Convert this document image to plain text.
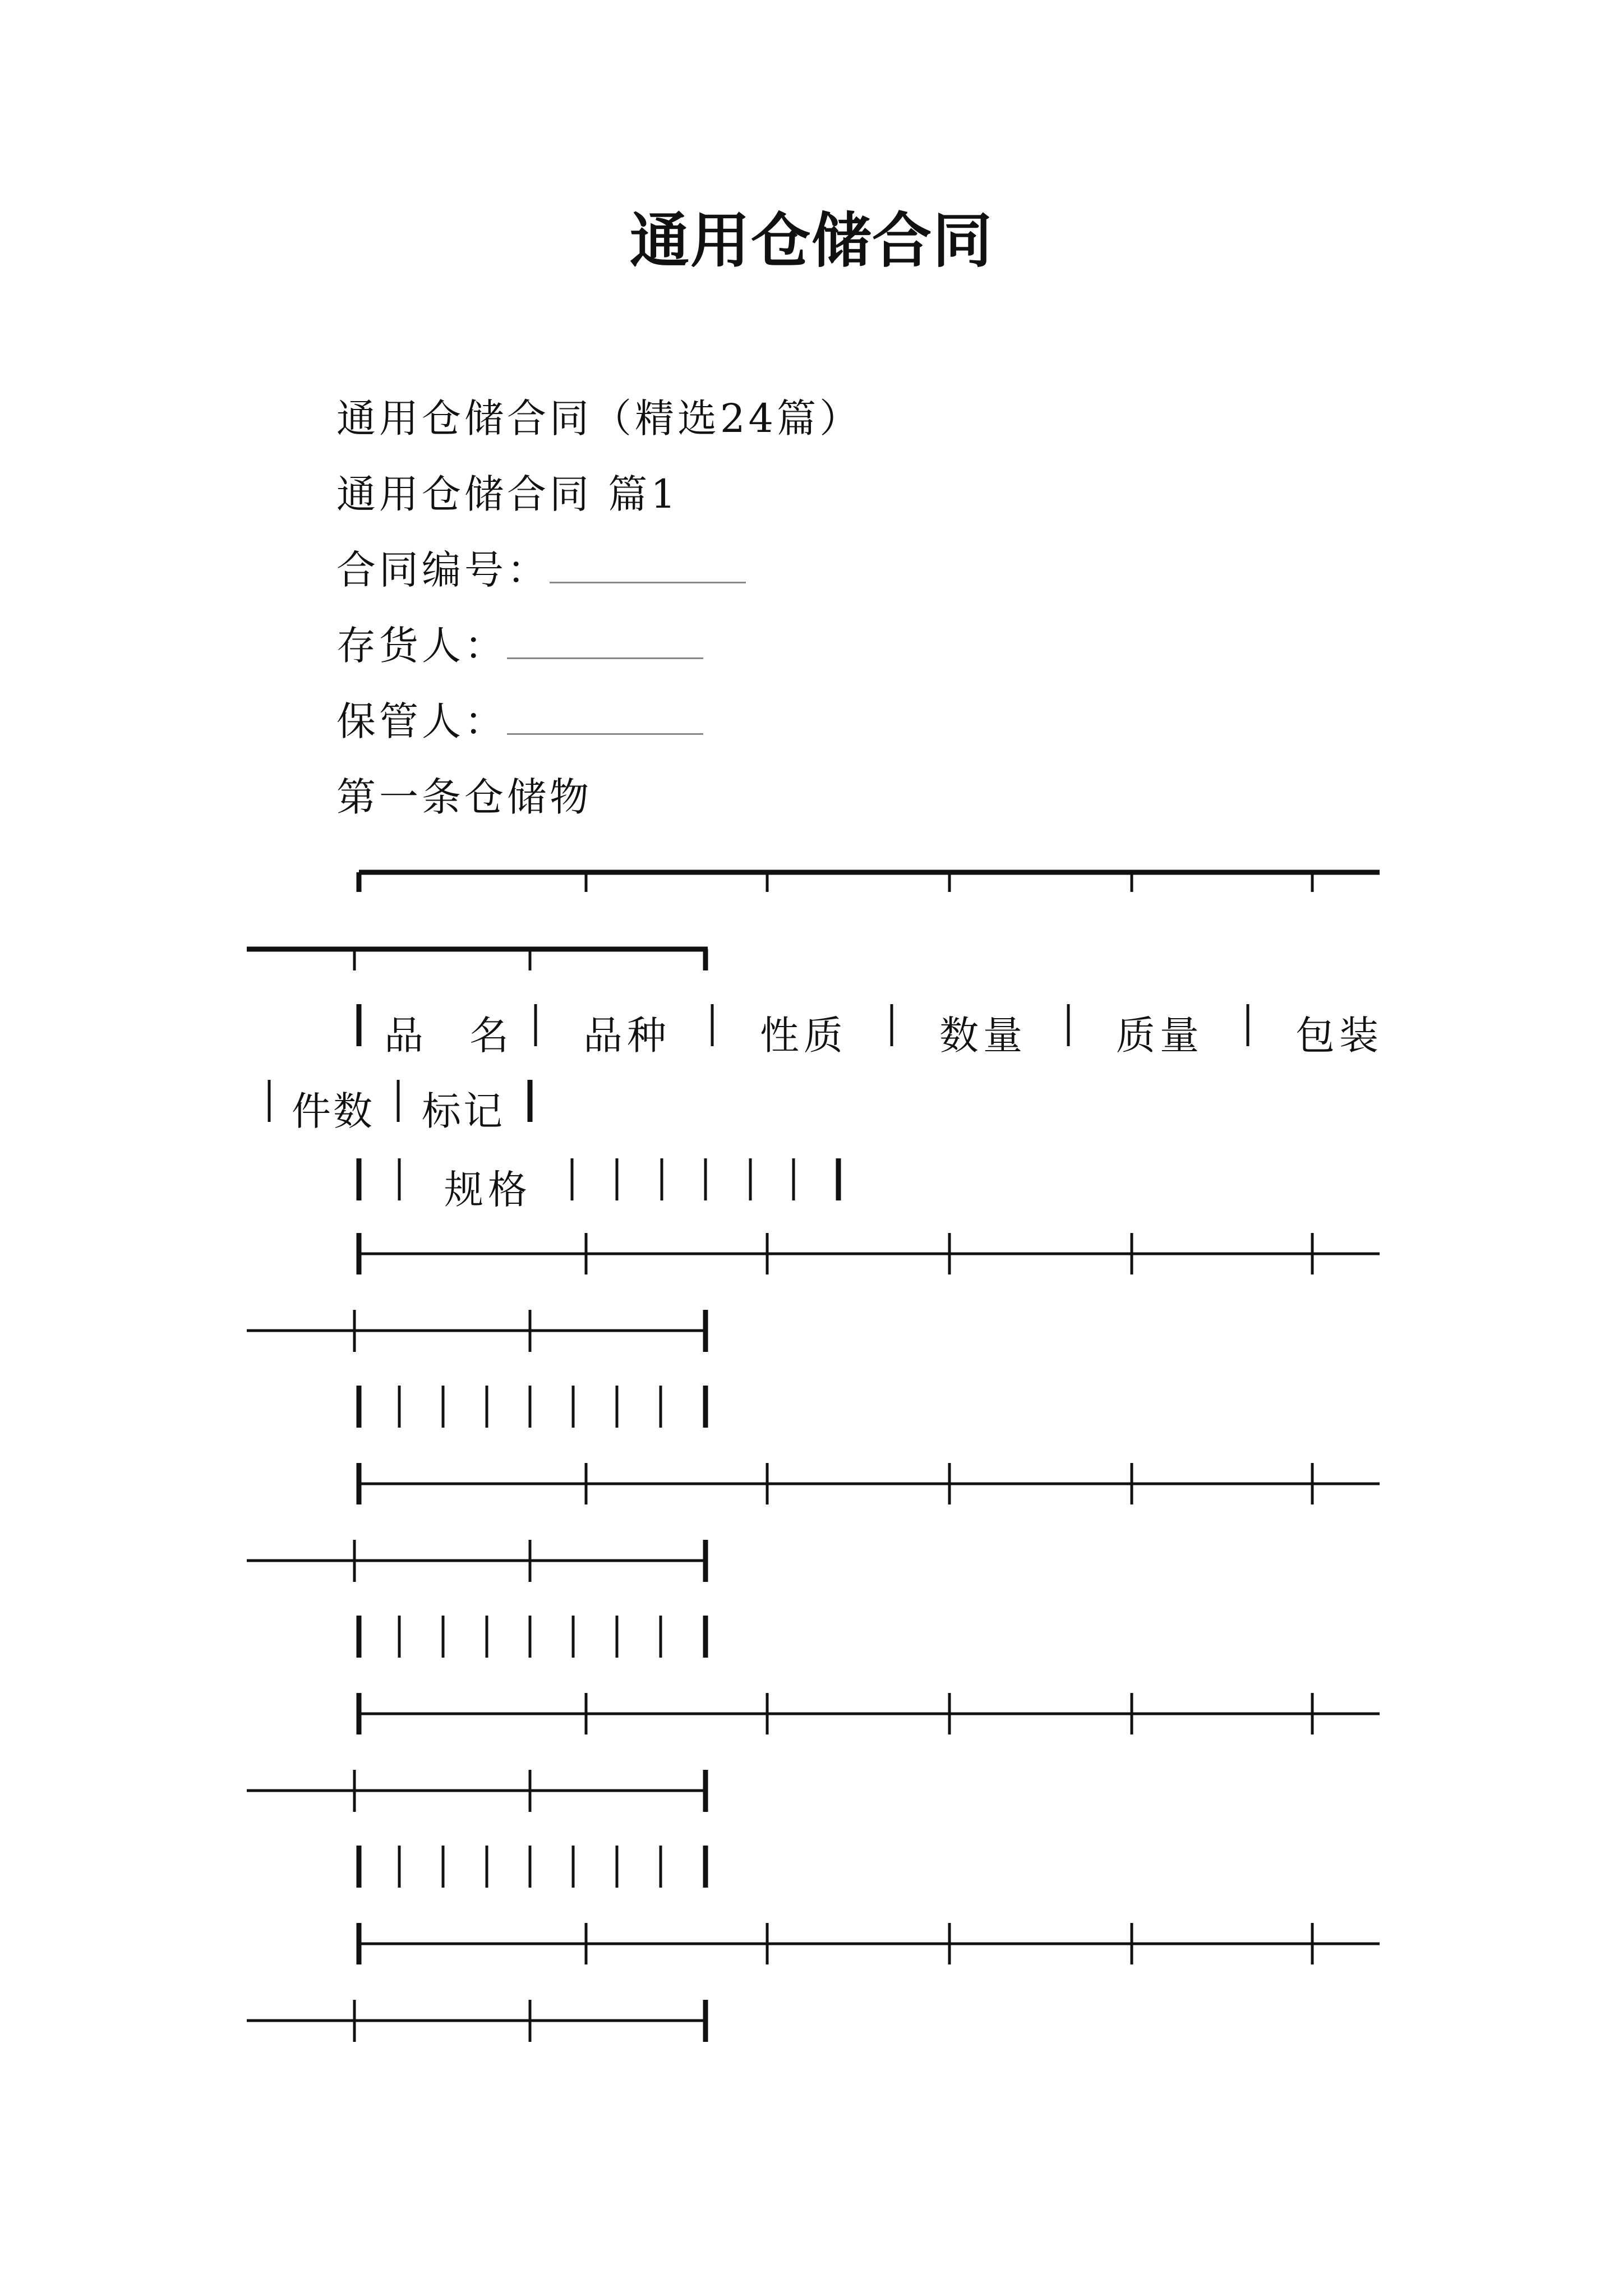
通用仓储合同
通用仓储合同（精选24篇）
通用仓储合同 篇1
合同编号：
存货人：
保管人：
第一条仓储物
品 名 品种 性质 数量 质量 包装
件数 标记
规格
